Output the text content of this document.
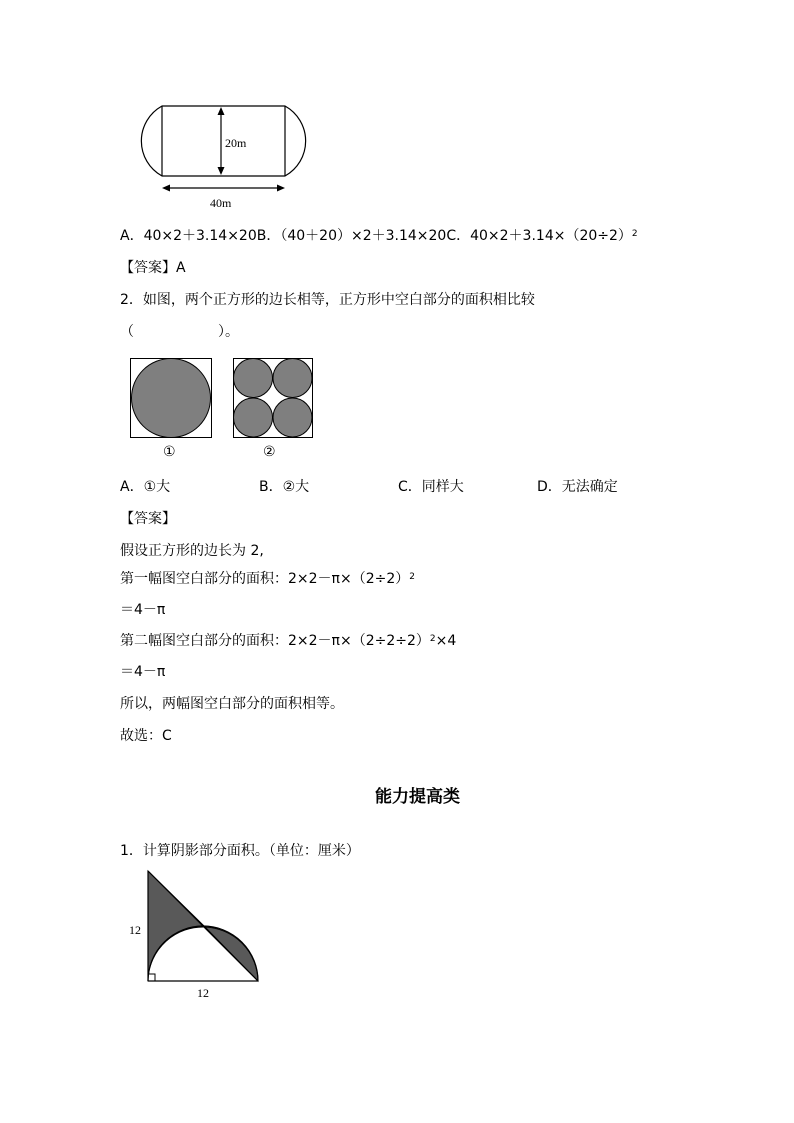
20m
40m
A．40×2＋3.14×20B．（40＋20）×2＋3.14×20C．$40\times 2+3.14\times(20\div 2)^2$
【答案】A
2．如图，两个正方形的边长相等，正方形中空白部分的面积相比较
（　　　　　　）。
①	②
A．①大	B．②大	C．同样大	D．无法确定
【答案】
假设正方形的边长为 2,
第一幅图空白部分的面积：$2\times 2-\pi\times(2\div 2)^2$
＝4－π
第二幅图空白部分的面积：$2\times 2-\pi\times(2\div 2\div 2)^2\times 4$
＝4－π
所以，两幅图空白部分的面积相等。
故选：C
能力提高类
1．计算阴影部分面积。（单位：厘米）
12
12
